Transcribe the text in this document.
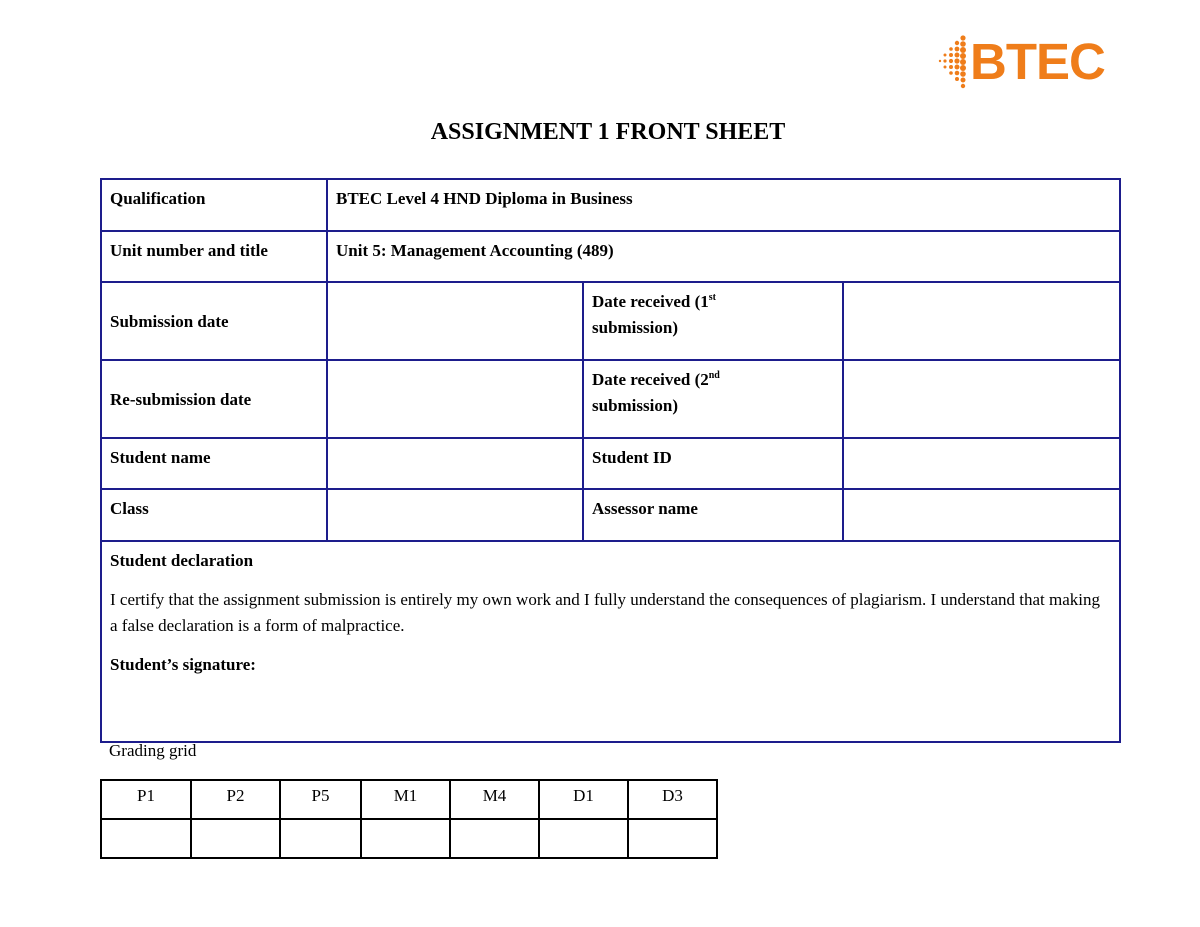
BTEC
ASSIGNMENT 1 FRONT SHEET
Qualification	BTEC Level 4 HND Diploma in Business		
Unit number and title	Unit 5: Management Accounting (489)		
Submission date		Date received (1st
submission)	
Re-submission date		Date received (2nd
submission)	
Student name		Student ID	
Class		Assessor name	

Student declaration
I certify that the assignment submission is entirely my own work and I fully understand the consequences of plagiarism. I understand that making a false declaration is a form of malpractice.
Student’s signature:			
Grading grid
P1	P2	P5	M1	M4	D1	D3
